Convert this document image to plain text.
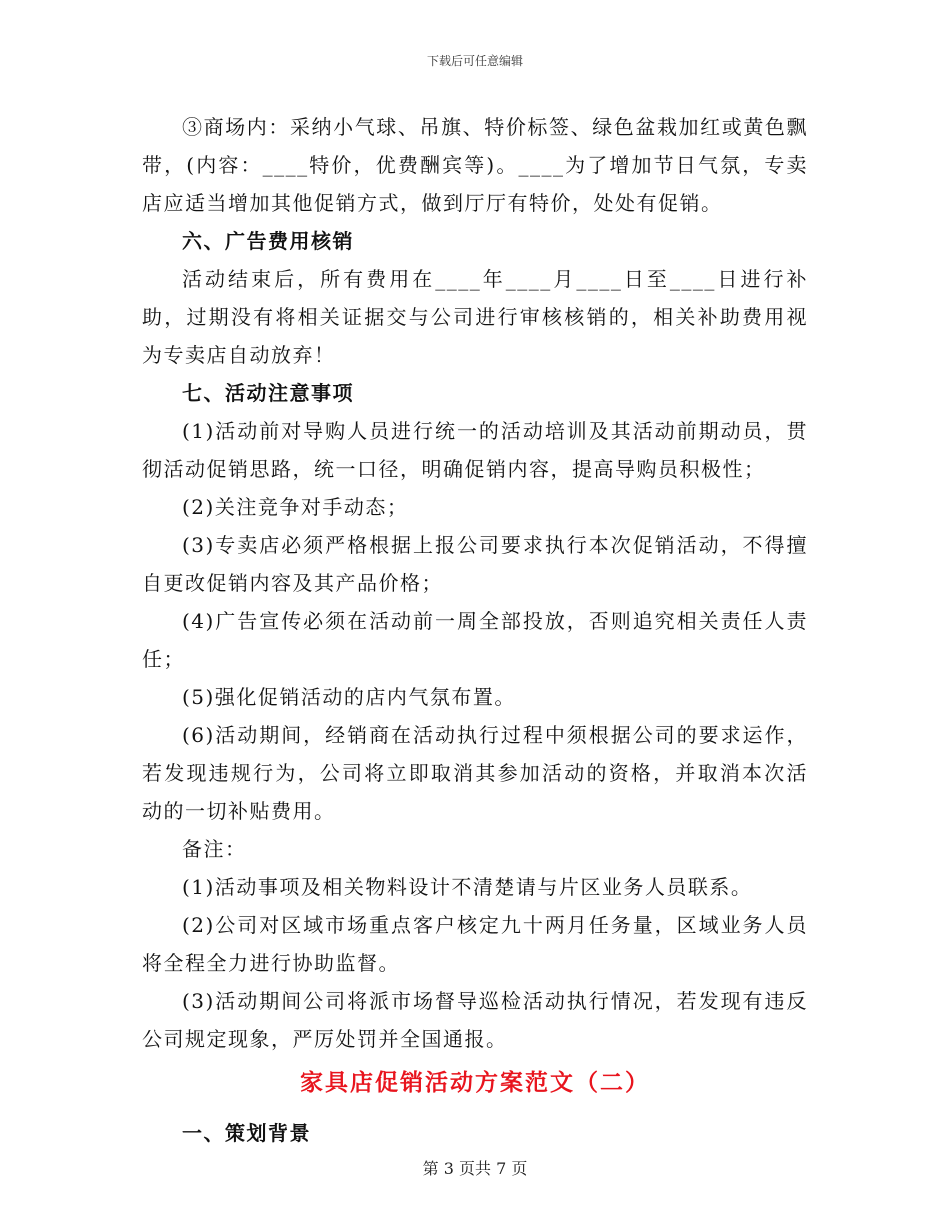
下载后可任意编辑

③商场内：采纳小气球、吊旗、特价标签、绿色盆栽加红或黄色飘带，(内容：____特价，优费酬宾等)。____为了增加节日气氛，专卖店应适当增加其他促销方式，做到厅厅有特价，处处有促销。

六、广告费用核销

活动结束后，所有费用在____年____月____日至____日进行补助，过期没有将相关证据交与公司进行审核核销的，相关补助费用视为专卖店自动放弃！

七、活动注意事项

(1)活动前对导购人员进行统一的活动培训及其活动前期动员，贯彻活动促销思路，统一口径，明确促销内容，提高导购员积极性；

(2)关注竞争对手动态；

(3)专卖店必须严格根据上报公司要求执行本次促销活动，不得擅自更改促销内容及其产品价格；

(4)广告宣传必须在活动前一周全部投放，否则追究相关责任人责任；

(5)强化促销活动的店内气氛布置。

(6)活动期间，经销商在活动执行过程中须根据公司的要求运作，若发现违规行为，公司将立即取消其参加活动的资格，并取消本次活动的一切补贴费用。

备注：

(1)活动事项及相关物料设计不清楚请与片区业务人员联系。

(2)公司对区域市场重点客户核定九十两月任务量，区域业务人员将全程全力进行协助监督。

(3)活动期间公司将派市场督导巡检活动执行情况，若发现有违反公司规定现象，严厉处罚并全国通报。

家具店促销活动方案范文（二）

一、策划背景

第 3 页共 7 页
